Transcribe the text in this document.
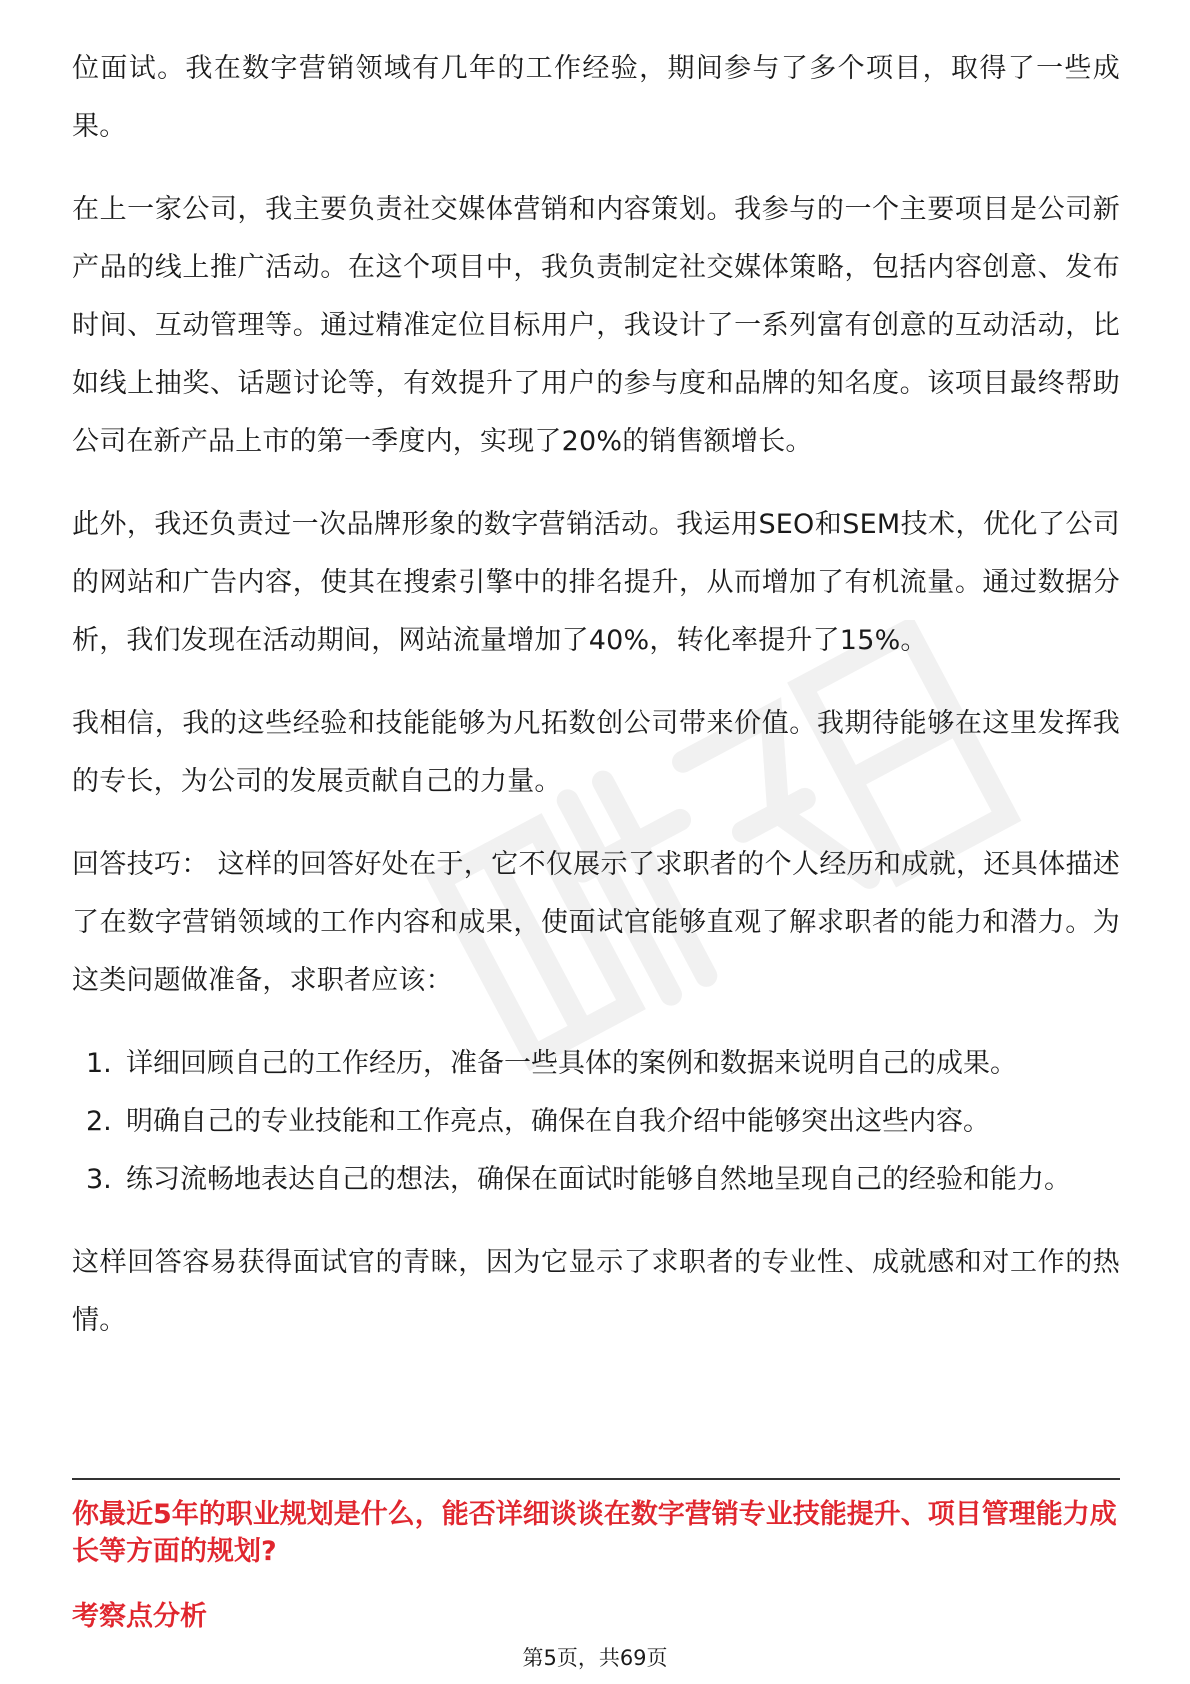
位面试。我在数字营销领域有几年的工作经验，期间参与了多个项目，取得了一些成果。

在上一家公司，我主要负责社交媒体营销和内容策划。我参与的一个主要项目是公司新产品的线上推广活动。在这个项目中，我负责制定社交媒体策略，包括内容创意、发布时间、互动管理等。通过精准定位目标用户，我设计了一系列富有创意的互动活动，比如线上抽奖、话题讨论等，有效提升了用户的参与度和品牌的知名度。该项目最终帮助公司在新产品上市的第一季度内，实现了20%的销售额增长。

此外，我还负责过一次品牌形象的数字营销活动。我运用SEO和SEM技术，优化了公司的网站和广告内容，使其在搜索引擎中的排名提升，从而增加了有机流量。通过数据分析，我们发现在活动期间，网站流量增加了40%，转化率提升了15%。

我相信，我的这些经验和技能能够为凡拓数创公司带来价值。我期待能够在这里发挥我的专长，为公司的发展贡献自己的力量。

回答技巧： 这样的回答好处在于，它不仅展示了求职者的个人经历和成就，还具体描述了在数字营销领域的工作内容和成果，使面试官能够直观了解求职者的能力和潜力。为这类问题做准备，求职者应该：

1. 详细回顾自己的工作经历，准备一些具体的案例和数据来说明自己的成果。
2. 明确自己的专业技能和工作亮点，确保在自我介绍中能够突出这些内容。
3. 练习流畅地表达自己的想法，确保在面试时能够自然地呈现自己的经验和能力。

这样回答容易获得面试官的青睐，因为它显示了求职者的专业性、成就感和对工作的热情。

你最近5年的职业规划是什么，能否详细谈谈在数字营销专业技能提升、项目管理能力成长等方面的规划?
考察点分析
第5页，共69页
